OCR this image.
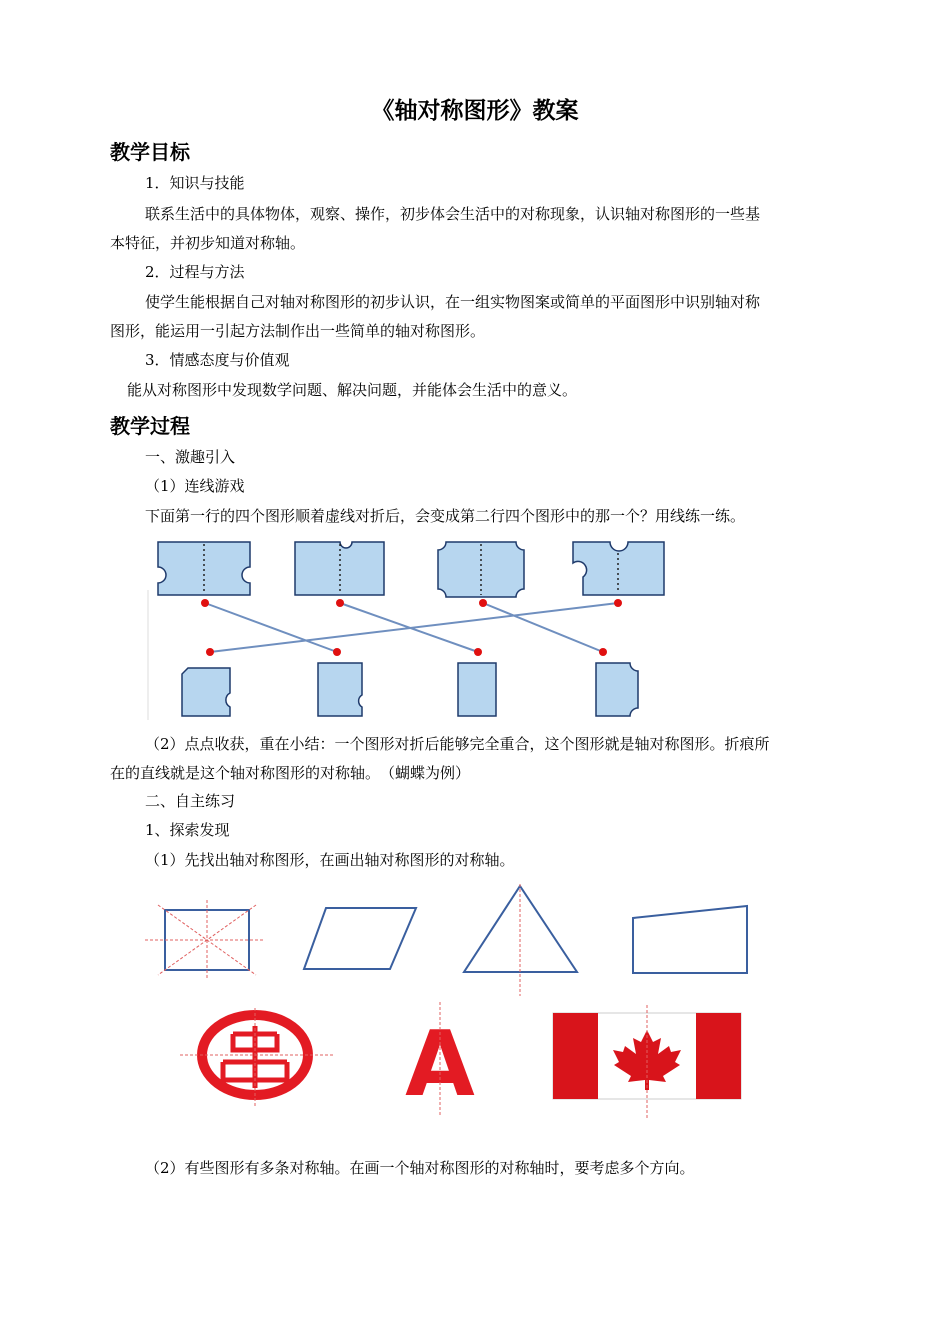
《轴对称图形》教案
教学目标
1．知识与技能
联系生活中的具体物体，观察、操作，初步体会生活中的对称现象，认识轴对称图形的一些基
本特征，并初步知道对称轴。
2．过程与方法
使学生能根据自己对轴对称图形的初步认识，在一组实物图案或简单的平面图形中识别轴对称
图形，能运用一引起方法制作出一些简单的轴对称图形。
3．情感态度与价值观
能从对称图形中发现数学问题、解决问题，并能体会生活中的意义。
教学过程
一、激趣引入
（1）连线游戏
下面第一行的四个图形顺着虚线对折后，会变成第二行四个图形中的那一个？用线练一练。
（2）点点收获，重在小结：一个图形对折后能够完全重合，这个图形就是轴对称图形。折痕所
在的直线就是这个轴对称图形的对称轴。　（蝴蝶为例）
二、自主练习
1、探索发现
（1）先找出轴对称图形，在画出轴对称图形的对称轴。
A
（2）有些图形有多条对称轴。在画一个轴对称图形的对称轴时，要考虑多个方向。
